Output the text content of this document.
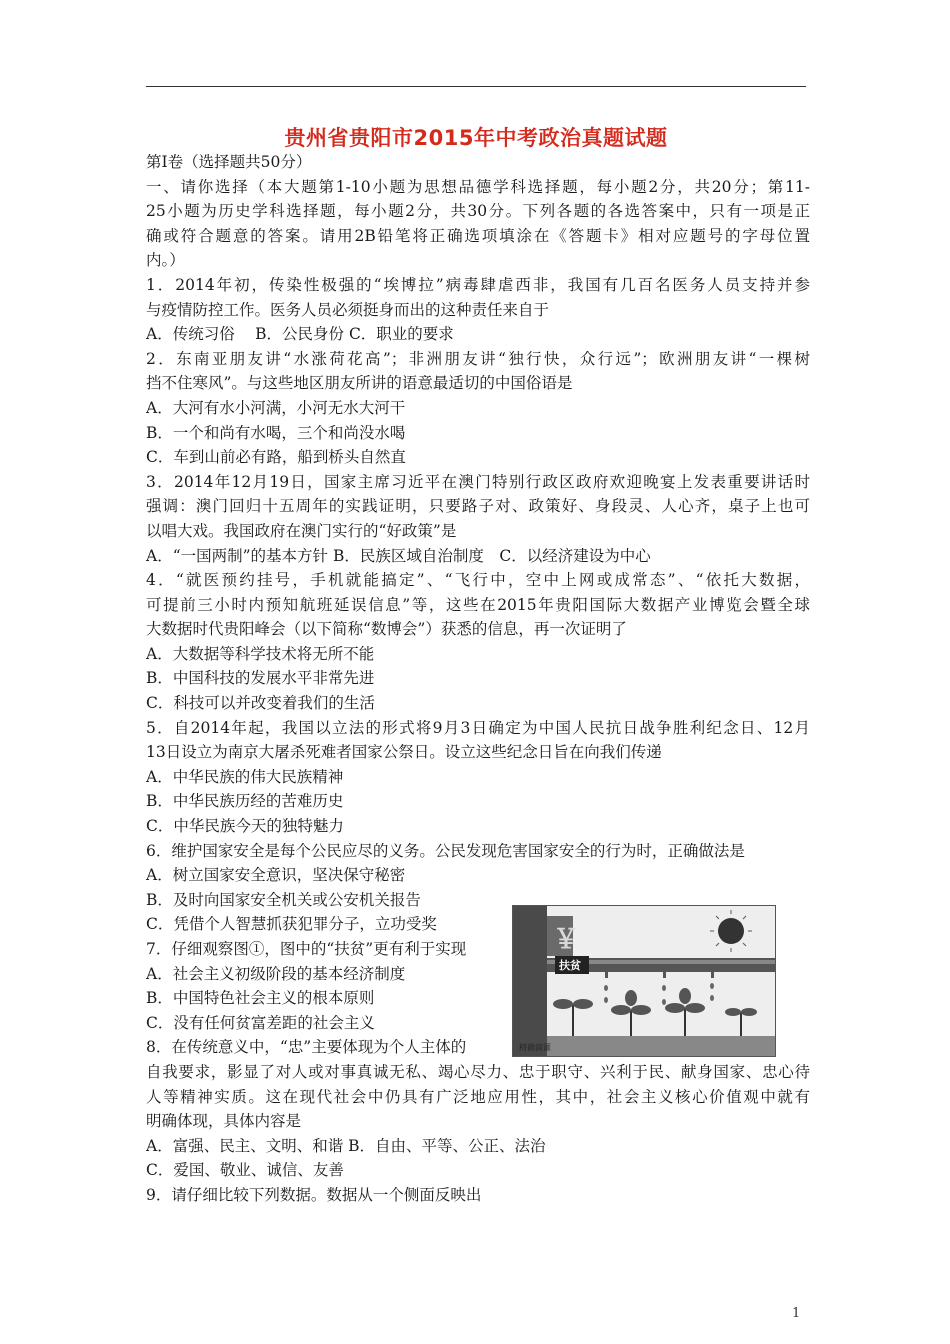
贵州省贵阳市2015年中考政治真题试题
第Ⅰ卷（选择题共50分）
一、请你选择（本大题第1-10小题为思想品德学科选择题，每小题2分，共20分；第11-
25小题为历史学科选择题，每小题2分，共30分。下列各题的各选答案中，只有一项是正
确或符合题意的答案。请用2B铅笔将正确选项填涂在《答题卡》相对应题号的字母位置
内。）
1．2014年初，传染性极强的“埃博拉”病毒肆虐西非，我国有几百名医务人员支持并参
与疫情防控工作。医务人员必须挺身而出的这种责任来自于
A．传统习俗　 B．公民身份 C．职业的要求
2．东南亚朋友讲“水涨荷花高”；非洲朋友讲“独行快，众行远”；欧洲朋友讲“一棵树
挡不住寒风”。与这些地区朋友所讲的语意最适切的中国俗语是
A．大河有水小河满，小河无水大河干
B．一个和尚有水喝，三个和尚没水喝
C．车到山前必有路，船到桥头自然直
3．2014年12月19日，国家主席习近平在澳门特别行政区政府欢迎晚宴上发表重要讲话时
强调：澳门回归十五周年的实践证明，只要路子对、政策好、身段灵、人心齐，桌子上也可
以唱大戏。我国政府在澳门实行的“好政策”是
A．“一国两制”的基本方针 B．民族区域自治制度　C．以经济建设为中心
4．“就医预约挂号，手机就能搞定”、“飞行中，空中上网或成常态”、“依托大数据，
可提前三小时内预知航班延误信息”等，这些在2015年贵阳国际大数据产业博览会暨全球
大数据时代贵阳峰会（以下简称“数博会”）获悉的信息，再一次证明了
A．大数据等科学技术将无所不能
B．中国科技的发展水平非常先进
C．科技可以并改变着我们的生活
5．自2014年起，我国以立法的形式将9月3日确定为中国人民抗日战争胜利纪念日、12月
13日设立为南京大屠杀死难者国家公祭日。设立这些纪念日旨在向我们传递
A．中华民族的伟大民族精神
B．中华民族历经的苦难历史
C．中华民族今天的独特魅力
6．维护国家安全是每个公民应尽的义务。公民发现危害国家安全的行为时，正确做法是
A．树立国家安全意识，坚决保守秘密
B．及时向国家安全机关或公安机关报告
C．凭借个人智慧抓获犯罪分子，立功受奖
7．仔细观察图①，图中的“扶贫”更有利于实现
A．社会主义初级阶段的基本经济制度
B．中国特色社会主义的根本原则
C．没有任何贫富差距的社会主义
8．在传统意义中，“忠”主要体现为个人主体的
自我要求，影显了对人或对事真诚无私、竭心尽力、忠于职守、兴利于民、献身国家、忠心待
人等精神实质。这在现代社会中仍具有广泛地应用性，其中，社会主义核心价值观中就有
明确体现，具体内容是
A．富强、民主、文明、和谐 B．自由、平等、公正、法治
C．爱国、敬业、诚信、友善
9．请仔细比较下列数据。数据从一个侧面反映出
￥
扶贫
精确滴灌
1
